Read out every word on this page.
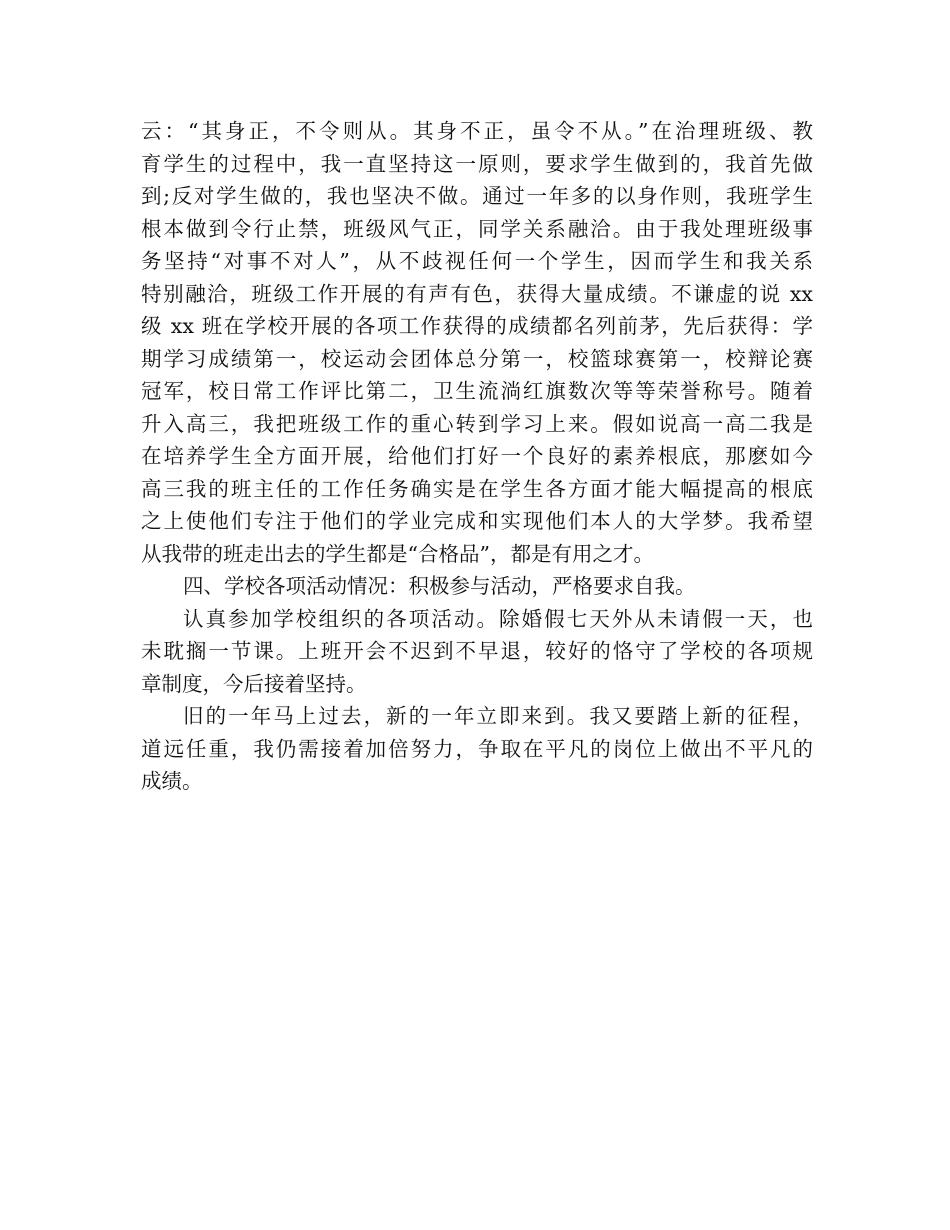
云：“其身正，不令则从。其身不正，虽令不从。”在治理班级、教
育学生的过程中，我一直坚持这一原则，要求学生做到的，我首先做
到;反对学生做的，我也坚决不做。通过一年多的以身作则，我班学生
根本做到令行止禁，班级风气正，同学关系融洽。由于我处理班级事
务坚持“对事不对人”，从不歧视任何一个学生，因而学生和我关系
特别融洽，班级工作开展的有声有色，获得大量成绩。不谦虚的说 xx
级 xx 班在学校开展的各项工作获得的成绩都名列前茅，先后获得：学
期学习成绩第一，校运动会团体总分第一，校篮球赛第一，校辩论赛
冠军，校日常工作评比第二，卫生流淌红旗数次等等荣誉称号。随着
升入高三，我把班级工作的重心转到学习上来。假如说高一高二我是
在培养学生全方面开展，给他们打好一个良好的素养根底，那麽如今
高三我的班主任的工作任务确实是在学生各方面才能大幅提高的根底
之上使他们专注于他们的学业完成和实现他们本人的大学梦。我希望
从我带的班走出去的学生都是“合格品”，都是有用之才。
四、学校各项活动情况：积极参与活动，严格要求自我。
认真参加学校组织的各项活动。除婚假七天外从未请假一天，也
未耽搁一节课。上班开会不迟到不早退，较好的恪守了学校的各项规
章制度，今后接着坚持。
旧的一年马上过去，新的一年立即来到。我又要踏上新的征程，
道远任重，我仍需接着加倍努力，争取在平凡的岗位上做出不平凡的
成绩。
